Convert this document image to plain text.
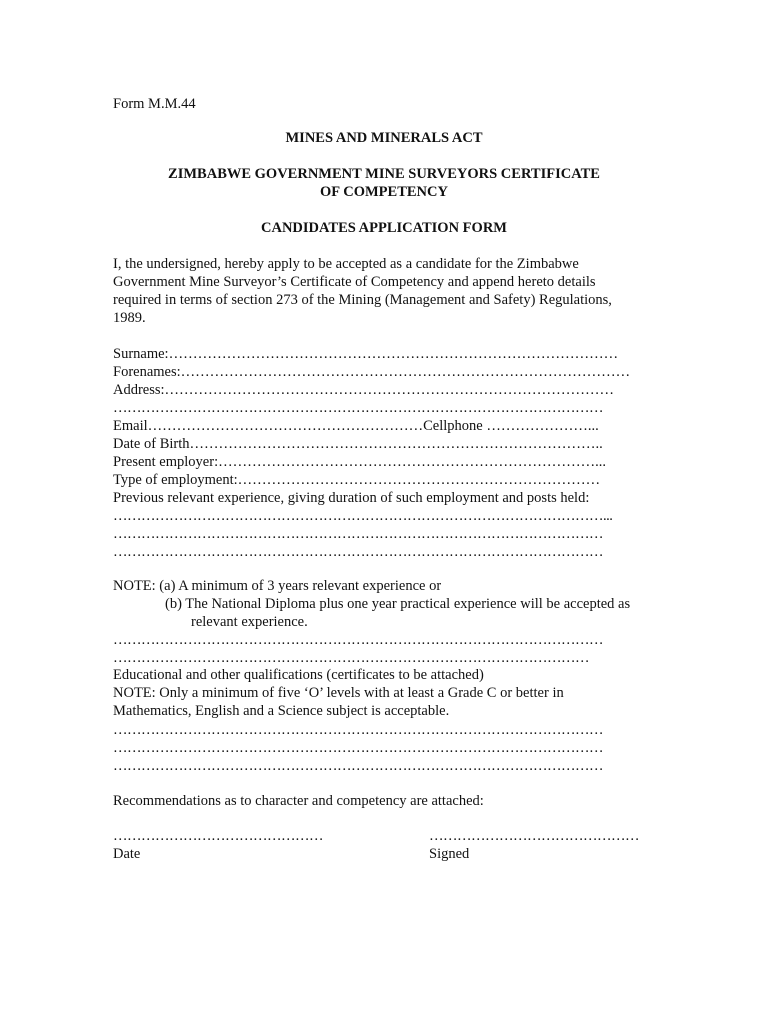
Form M.M.44
MINES AND MINERALS ACT
ZIMBABWE GOVERNMENT MINE SURVEYORS CERTIFICATE
OF COMPETENCY
CANDIDATES APPLICATION FORM
I, the undersigned, hereby apply to be accepted as a candidate for the Zimbabwe
Government Mine Surveyor’s Certificate of Competency and append hereto details
required in terms of section 273 of the Mining (Management and Safety) Regulations,
1989.
Surname:…………………………………………………………………………………
Forenames:…………………………………………………………………………………
Address:…………………………………………………………………………………
……………………………………………………………………………………………
Email…………………………………………………Cellphone …………………...
Date of Birth…………………………………………………………………………..
Present employer:……………………………………………………………………...
Type of employment:…………………………………………………………………
Previous relevant experience, giving duration of such employment and posts held:
……………………………………………………………………………………………...
……………………………………………………………………………………………
……………………………………………………………………………………………
NOTE: (a) A minimum of 3 years relevant experience or
(b) The National Diploma plus one year practical experience will be accepted as
relevant experience.
……………………………………………………………………………………………
…………………………………………………………………………………………
Educational and other qualifications (certificates to be attached)
NOTE: Only a minimum of five ‘O’ levels with at least a Grade C or better in
Mathematics, English and a Science subject is acceptable.
……………………………………………………………………………………………
……………………………………………………………………………………………
……………………………………………………………………………………………
Recommendations as to character and competency are attached:
………………………………………	………………………………………
Date	Signed
